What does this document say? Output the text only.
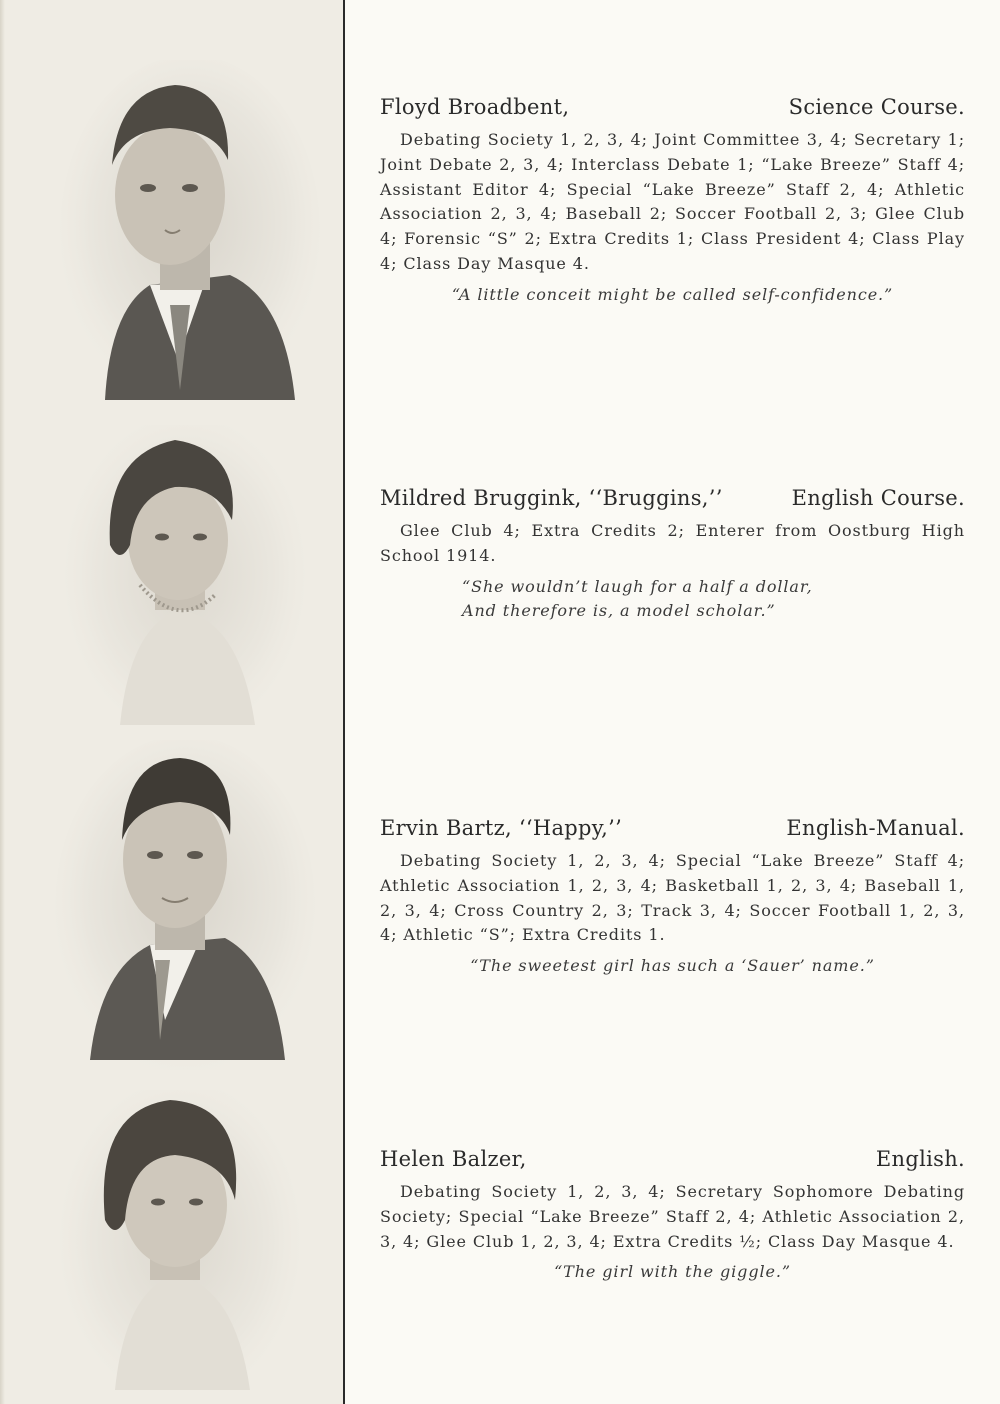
Floyd Broadbent,	Science Course.
Debating Society 1, 2, 3, 4; Joint Committee 3, 4; Secretary 1; Joint Debate 2, 3, 4; Interclass Debate 1; “Lake Breeze” Staff 4; Assistant Editor 4; Special “Lake Breeze” Staff 2, 4; Athletic Association 2, 3, 4; Baseball 2; Soccer Football 2, 3; Glee Club 4; Forensic “S” 2; Extra Credits 1; Class President 4; Class Play 4; Class Day Masque 4.
“A little conceit might be called self-confidence.”
Mildred Bruggink, ‘‘Bruggins,’’	English Course.
Glee Club 4; Extra Credits 2; Enterer from Oostburg High School 1914.
“She wouldn’t laugh for a half a dollar,
And therefore is, a model scholar.”
Ervin Bartz, ‘‘Happy,’’	English-Manual.
Debating Society 1, 2, 3, 4; Special “Lake Breeze” Staff 4; Athletic Association 1, 2, 3, 4; Basketball 1, 2, 3, 4; Baseball 1, 2, 3, 4; Cross Country 2, 3; Track 3, 4; Soccer Football 1, 2, 3, 4; Athletic “S”; Extra Credits 1.
“The sweetest girl has such a ‘Sauer’ name.”
Helen Balzer,	English.
Debating Society 1, 2, 3, 4; Secretary Sophomore Debating Society; Special “Lake Breeze” Staff 2, 4; Athletic Association 2, 3, 4; Glee Club 1, 2, 3, 4; Extra Credits ½; Class Day Masque 4.
“The girl with the giggle.”
